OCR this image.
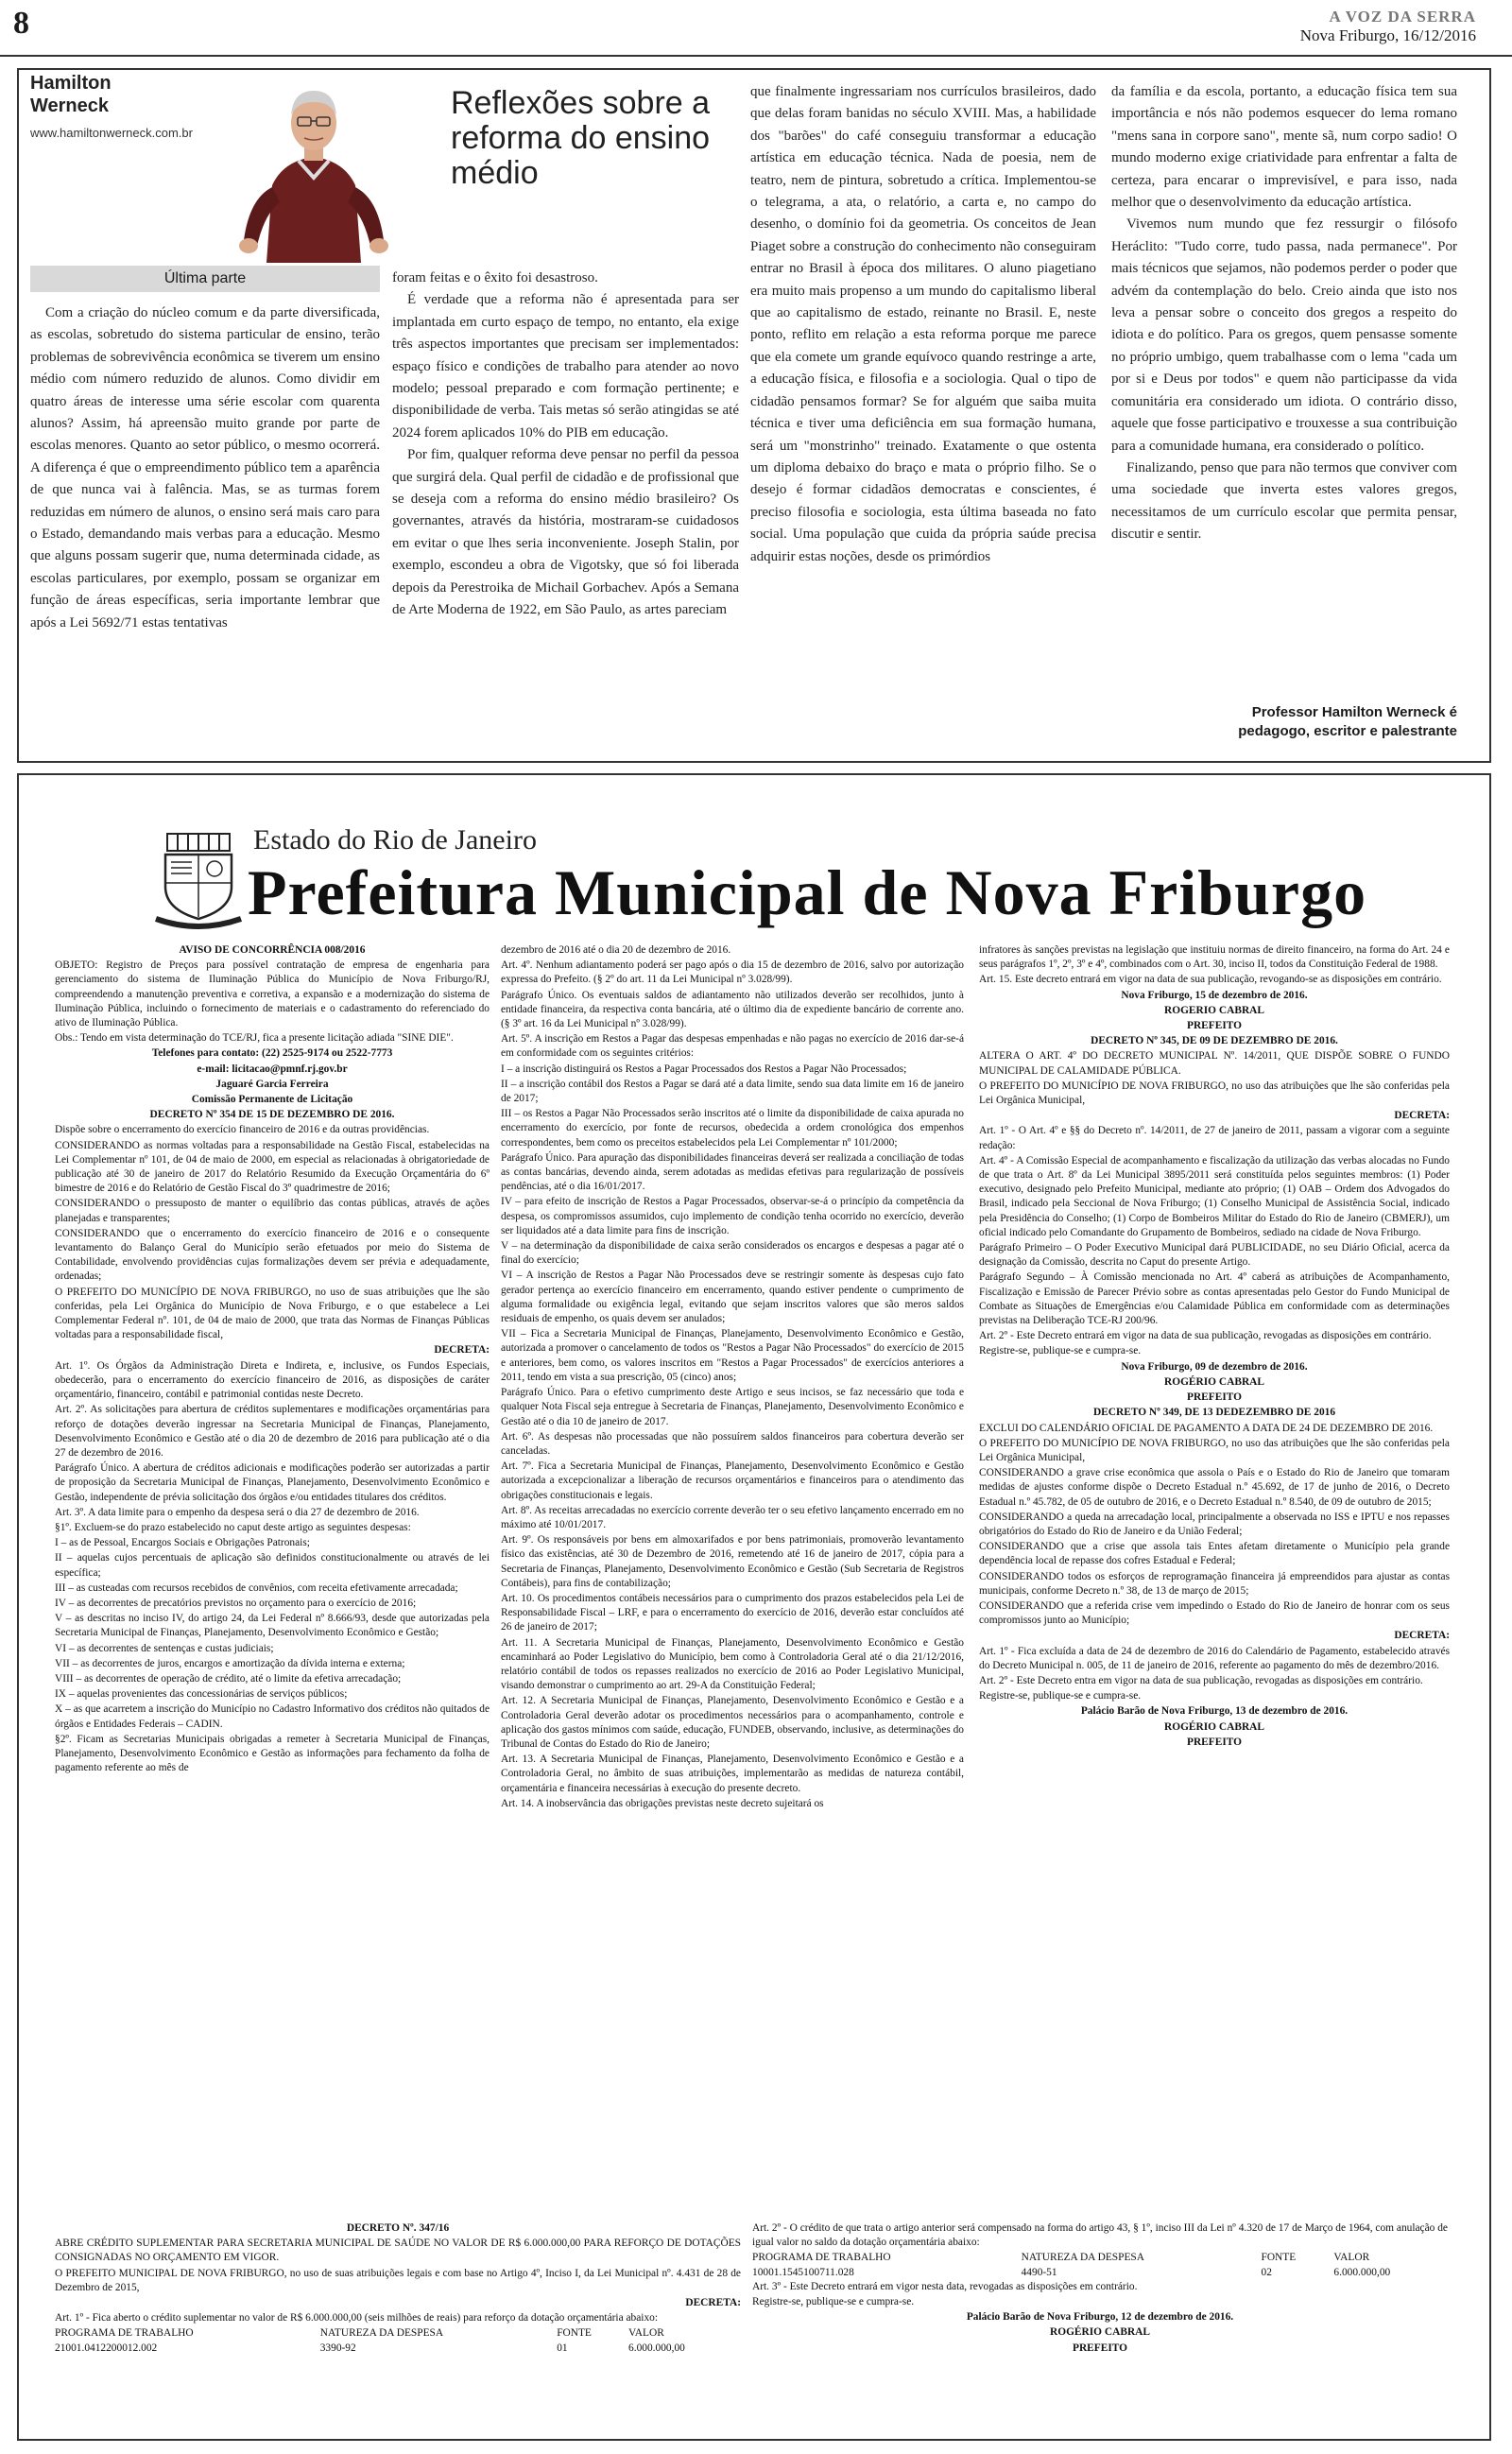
8	A VOZ DA SERRA
Nova Friburgo, 16/12/2016
Hamilton Werneck
www.hamiltonwerneck.com.br
Reflexões sobre a reforma do ensino médio
Última parte

Com a criação do núcleo comum e da parte diversificada, as escolas, sobretudo do sistema particular de ensino, terão problemas de sobrevivência econômica se tiverem um ensino médio com número reduzido de alunos. Como dividir em quatro áreas de interesse uma série escolar com quarenta alunos? Assim, há apreensão muito grande por parte de escolas menores. Quanto ao setor público, o mesmo ocorrerá. A diferença é que o empreendimento público tem a aparência de que nunca vai à falência. Mas, se as turmas forem reduzidas em número de alunos, o ensino será mais caro para o Estado, demandando mais verbas para a educação. Mesmo que alguns possam sugerir que, numa determinada cidade, as escolas particulares, por exemplo, possam se organizar em função de áreas específicas, seria importante lembrar que após a Lei 5692/71 estas tentativas

foram feitas e o êxito foi desastroso.

É verdade que a reforma não é apresentada para ser implantada em curto espaço de tempo, no entanto, ela exige três aspectos importantes que precisam ser implementados: espaço físico e condições de trabalho para atender ao novo modelo; pessoal preparado e com formação pertinente; e disponibilidade de verba. Tais metas só serão atingidas se até 2024 forem aplicados 10% do PIB em educação.

Por fim, qualquer reforma deve pensar no perfil da pessoa que surgirá dela. Qual perfil de cidadão e de profissional que se deseja com a reforma do ensino médio brasileiro? Os governantes, através da história, mostraram-se cuidadosos em evitar o que lhes seria inconveniente. Joseph Stalin, por exemplo, escondeu a obra de Vigotsky, que só foi liberada depois da Perestroika de Michail Gorbachev. Após a Semana de Arte Moderna de 1922, em São Paulo, as artes pareciam

que finalmente ingressariam nos currículos brasileiros, dado que delas foram banidas no século XVIII. Mas, a habilidade dos "barões" do café conseguiu transformar a educação artística em educação técnica. Nada de poesia, nem de teatro, nem de pintura, sobretudo a crítica. Implementou-se o telegrama, a ata, o relatório, a carta e, no campo do desenho, o domínio foi da geometria. Os conceitos de Jean Piaget sobre a construção do conhecimento não conseguiram entrar no Brasil à época dos militares. O aluno piagetiano era muito mais propenso a um mundo do capitalismo liberal que ao capitalismo de estado, reinante no Brasil. E, neste ponto, reflito em relação a esta reforma porque me parece que ela comete um grande equívoco quando restringe a arte, a educação física, e filosofia e a sociologia. Qual o tipo de cidadão pensamos formar? Se for alguém que saiba muita técnica e tiver uma deficiência em sua formação humana, será um "monstrinho" treinado. Exatamente o que ostenta um diploma debaixo do braço e mata o próprio filho. Se o desejo é formar cidadãos democratas e conscientes, é preciso filosofia e sociologia, esta última baseada no fato social. Uma população que cuida da própria saúde precisa adquirir estas noções, desde os primórdios

da família e da escola, portanto, a educação física tem sua importância e nós não podemos esquecer do lema romano "mens sana in corpore sano", mente sã, num corpo sadio! O mundo moderno exige criatividade para enfrentar a falta de certeza, para encarar o imprevisível, e para isso, nada melhor que o desenvolvimento da educação artística.

Vivemos num mundo que fez ressurgir o filósofo Heráclito: "Tudo corre, tudo passa, nada permanece". Por mais técnicos que sejamos, não podemos perder o poder que advém da contemplação do belo. Creio ainda que isto nos leva a pensar sobre o conceito dos gregos a respeito do idiota e do político. Para os gregos, quem pensasse somente no próprio umbigo, quem trabalhasse com o lema "cada um por si e Deus por todos" e quem não participasse da vida comunitária era considerado um idiota. O contrário disso, aquele que fosse participativo e trouxesse a sua contribuição para a comunidade humana, era considerado o político.

Finalizando, penso que para não termos que conviver com uma sociedade que inverta estes valores gregos, necessitamos de um currículo escolar que permita pensar, discutir e sentir.

Professor Hamilton Werneck é pedagogo, escritor e palestrante
Estado do Rio de Janeiro
Prefeitura Municipal de Nova Friburgo

AVISO DE CONCORRÊNCIA 008/2016

OBJETO: Registro de Preços para possível contratação de empresa de engenharia para gerenciamento do sistema de Iluminação Pública do Município de Nova Friburgo/RJ, compreendendo a manutenção preventiva e corretiva, a expansão e a modernização do sistema de Iluminação Pública, incluindo o fornecimento de materiais e o cadastramento do referenciado do ativo de Iluminação Pública.

Obs.: Tendo em vista determinação do TCE/RJ, fica a presente licitação adiada "SINE DIE".

Telefones para contato: (22) 2525-9174 ou 2522-7773

e-mail: licitacao@pmnf.rj.gov.br

Jaguaré Garcia Ferreira

Comissão Permanente de Licitação

DECRETO Nº 354 DE 15 DE DEZEMBRO DE 2016.

Dispõe sobre o encerramento do exercício financeiro de 2016 e da outras providências.

CONSIDERANDO as normas voltadas para a responsabilidade na Gestão Fiscal, estabelecidas na Lei Complementar nº 101, de 04 de maio de 2000, em especial as relacionadas à obrigatoriedade de publicação até 30 de janeiro de 2017 do Relatório Resumido da Execução Orçamentária do 6º bimestre de 2016 e do Relatório de Gestão Fiscal do 3º quadrimestre de 2016;

CONSIDERANDO o pressuposto de manter o equilíbrio das contas públicas, através de ações planejadas e transparentes;

CONSIDERANDO que o encerramento do exercício financeiro de 2016 e o consequente levantamento do Balanço Geral do Município serão efetuados por meio do Sistema de Contabilidade, envolvendo providências cujas formalizações devem ser prévia e adequadamente, ordenadas;

O PREFEITO DO MUNICÍPIO DE NOVA FRIBURGO, no uso de suas atribuições que lhe são conferidas, pela Lei Orgânica do Município de Nova Friburgo, e o que estabelece a Lei Complementar Federal nº. 101, de 04 de maio de 2000, que trata das Normas de Finanças Públicas voltadas para a responsabilidade fiscal,

DECRETA:

Art. 1º. Os Órgãos da Administração Direta e Indireta, e, inclusive, os Fundos Especiais, obedecerão, para o encerramento do exercício financeiro de 2016, as disposições de caráter orçamentário, financeiro, contábil e patrimonial contidas neste Decreto.

Art. 2º. As solicitações para abertura de créditos suplementares e modificações orçamentárias para reforço de dotações deverão ingressar na Secretaria Municipal de Finanças, Planejamento, Desenvolvimento Econômico e Gestão até o dia 20 de dezembro de 2016 para publicação até o dia 27 de dezembro de 2016.

Parágrafo Único. A abertura de créditos adicionais e modificações poderão ser autorizadas a partir de proposição da Secretaria Municipal de Finanças, Planejamento, Desenvolvimento Econômico e Gestão, independente de prévia solicitação dos órgãos e/ou entidades titulares dos créditos.

Art. 3º. A data limite para o empenho da despesa será o dia 27 de dezembro de 2016.

§1º. Excluem-se do prazo estabelecido no caput deste artigo as seguintes despesas:

I – as de Pessoal, Encargos Sociais e Obrigações Patronais;

II – aquelas cujos percentuais de aplicação são definidos constitucionalmente ou através de lei específica;

III – as custeadas com recursos recebidos de convênios, com receita efetivamente arrecadada;

IV – as decorrentes de precatórios previstos no orçamento para o exercício de 2016;

V – as descritas no inciso IV, do artigo 24, da Lei Federal nº 8.666/93, desde que autorizadas pela Secretaria Municipal de Finanças, Planejamento, Desenvolvimento Econômico e Gestão;

VI – as decorrentes de sentenças e custas judiciais;

VII – as decorrentes de juros, encargos e amortização da dívida interna e externa;

VIII – as decorrentes de operação de crédito, até o limite da efetiva arrecadação;

IX – aquelas provenientes das concessionárias de serviços públicos;

X – as que acarretem a inscrição do Município no Cadastro Informativo dos créditos não quitados de órgãos e Entidades Federais – CADIN.

§2º. Ficam as Secretarias Municipais obrigadas a remeter à Secretaria Municipal de Finanças, Planejamento, Desenvolvimento Econômico e Gestão as informações para fechamento da folha de pagamento referente ao mês de

dezembro de 2016 até o dia 20 de dezembro de 2016.

Art. 4º. Nenhum adiantamento poderá ser pago após o dia 15 de dezembro de 2016, salvo por autorização expressa do Prefeito. (§ 2º do art. 11 da Lei Municipal nº 3.028/99).

Parágrafo Único. Os eventuais saldos de adiantamento não utilizados deverão ser recolhidos, junto à entidade financeira, da respectiva conta bancária, até o último dia de expediente bancário de corrente ano. (§ 3º art. 16 da Lei Municipal nº 3.028/99).

Art. 5º. A inscrição em Restos a Pagar das despesas empenhadas e não pagas no exercício de 2016 dar-se-á em conformidade com os seguintes critérios:

I – a inscrição distinguirá os Restos a Pagar Processados dos Restos a Pagar Não Processados;

II – a inscrição contábil dos Restos a Pagar se dará até a data limite, sendo sua data limite em 16 de janeiro de 2017;

III – os Restos a Pagar Não Processados serão inscritos até o limite da disponibilidade de caixa apurada no encerramento do exercício, por fonte de recursos, obedecida a ordem cronológica dos empenhos correspondentes, bem como os preceitos estabelecidos pela Lei Complementar nº 101/2000;

Parágrafo Único. Para apuração das disponibilidades financeiras deverá ser realizada a conciliação de todas as contas bancárias, devendo ainda, serem adotadas as medidas efetivas para regularização de possíveis pendências, até o dia 16/01/2017.

IV – para efeito de inscrição de Restos a Pagar Processados, observar-se-á o princípio da competência da despesa, os compromissos assumidos, cujo implemento de condição tenha ocorrido no exercício, deverão ser liquidados até a data limite para fins de inscrição.

V – na determinação da disponibilidade de caixa serão considerados os encargos e despesas a pagar até o final do exercício;

VI – A inscrição de Restos a Pagar Não Processados deve se restringir somente às despesas cujo fato gerador pertença ao exercício financeiro em encerramento, quando estiver pendente o cumprimento de alguma formalidade ou exigência legal, evitando que sejam inscritos valores que são meros saldos residuais de empenho, os quais devem ser anulados;

VII – Fica a Secretaria Municipal de Finanças, Planejamento, Desenvolvimento Econômico e Gestão, autorizada a promover o cancelamento de todos os "Restos a Pagar Não Processados" do exercício de 2015 e anteriores, bem como, os valores inscritos em "Restos a Pagar Processados" de exercícios anteriores a 2011, tendo em vista a sua prescrição, 05 (cinco) anos;

Parágrafo Único. Para o efetivo cumprimento deste Artigo e seus incisos, se faz necessário que toda e qualquer Nota Fiscal seja entregue à Secretaria de Finanças, Planejamento, Desenvolvimento Econômico e Gestão até o dia 10 de janeiro de 2017.

Art. 6º. As despesas não processadas que não possuírem saldos financeiros para cobertura deverão ser canceladas.

Art. 7º. Fica a Secretaria Municipal de Finanças, Planejamento, Desenvolvimento Econômico e Gestão autorizada a excepcionalizar a liberação de recursos orçamentários e financeiros para o atendimento das obrigações constitucionais e legais.

Art. 8º. As receitas arrecadadas no exercício corrente deverão ter o seu efetivo lançamento encerrado em no máximo até 10/01/2017.

Art. 9º. Os responsáveis por bens em almoxarifados e por bens patrimoniais, promoverão levantamento físico das existências, até 30 de Dezembro de 2016, remetendo até 16 de janeiro de 2017, cópia para a Secretaria de Finanças, Planejamento, Desenvolvimento Econômico e Gestão (Sub Secretaria de Registros Contábeis), para fins de contabilização;

Art. 10. Os procedimentos contábeis necessários para o cumprimento dos prazos estabelecidos pela Lei de Responsabilidade Fiscal – LRF, e para o encerramento do exercício de 2016, deverão estar concluídos até 26 de janeiro de 2017;

Art. 11. A Secretaria Municipal de Finanças, Planejamento, Desenvolvimento Econômico e Gestão encaminhará ao Poder Legislativo do Município, bem como à Controladoria Geral até o dia 21/12/2016, relatório contábil de todos os repasses realizados no exercício de 2016 ao Poder Legislativo Municipal, visando demonstrar o cumprimento ao art. 29-A da Constituição Federal;

Art. 12. A Secretaria Municipal de Finanças, Planejamento, Desenvolvimento Econômico e Gestão e a Controladoria Geral deverão adotar os procedimentos necessários para o acompanhamento, controle e aplicação dos gastos mínimos com saúde, educação, FUNDEB, observando, inclusive, as determinações do Tribunal de Contas do Estado do Rio de Janeiro;

Art. 13. A Secretaria Municipal de Finanças, Planejamento, Desenvolvimento Econômico e Gestão e a Controladoria Geral, no âmbito de suas atribuições, implementarão as medidas de natureza contábil, orçamentária e financeira necessárias à execução do presente decreto.

Art. 14. A inobservância das obrigações previstas neste decreto sujeitará os

infratores às sanções previstas na legislação que instituiu normas de direito financeiro, na forma do Art. 24 e seus parágrafos 1º, 2º, 3º e 4º, combinados com o Art. 30, inciso II, todos da Constituição Federal de 1988.

Art. 15. Este decreto entrará em vigor na data de sua publicação, revogando-se as disposições em contrário.

Nova Friburgo, 15 de dezembro de 2016.

ROGERIO CABRAL

PREFEITO

DECRETO Nº 345, DE 09 DE DEZEMBRO DE 2016.

ALTERA O ART. 4º DO DECRETO MUNICIPAL Nº. 14/2011, QUE DISPÕE SOBRE O FUNDO MUNICIPAL DE CALAMIDADE PÚBLICA.

O PREFEITO DO MUNICÍPIO DE NOVA FRIBURGO, no uso das atribuições que lhe são conferidas pela Lei Orgânica Municipal,

DECRETA:

Art. 1º - O Art. 4º e §§ do Decreto nº. 14/2011, de 27 de janeiro de 2011, passam a vigorar com a seguinte redação:

Art. 4º - A Comissão Especial de acompanhamento e fiscalização da utilização das verbas alocadas no Fundo de que trata o Art. 8º da Lei Municipal 3895/2011 será constituída pelos seguintes membros: (1) Poder executivo, designado pelo Prefeito Municipal, mediante ato próprio; (1) OAB – Ordem dos Advogados do Brasil, indicado pela Seccional de Nova Friburgo; (1) Conselho Municipal de Assistência Social, indicado pela Presidência do Conselho; (1) Corpo de Bombeiros Militar do Estado do Rio de Janeiro (CBMERJ), um oficial indicado pelo Comandante do Grupamento de Bombeiros, sediado na cidade de Nova Friburgo.

Parágrafo Primeiro – O Poder Executivo Municipal dará PUBLICIDADE, no seu Diário Oficial, acerca da designação da Comissão, descrita no Caput do presente Artigo.

Parágrafo Segundo – À Comissão mencionada no Art. 4º caberá as atribuições de Acompanhamento, Fiscalização e Emissão de Parecer Prévio sobre as contas apresentadas pelo Gestor do Fundo Municipal de Combate as Situações de Emergências e/ou Calamidade Pública em conformidade com as determinações previstas na Deliberação TCE-RJ 200/96.

Art. 2º - Este Decreto entrará em vigor na data de sua publicação, revogadas as disposições em contrário.

Registre-se, publique-se e cumpra-se.

Nova Friburgo, 09 de dezembro de 2016.

ROGÉRIO CABRAL

PREFEITO

DECRETO Nº 349, DE 13 DEDEZEMBRO DE 2016

EXCLUI DO CALENDÁRIO OFICIAL DE PAGAMENTO A DATA DE 24 DE DEZEMBRO DE 2016.

O PREFEITO DO MUNICÍPIO DE NOVA FRIBURGO, no uso das atribuições que lhe são conferidas pela Lei Orgânica Municipal,

CONSIDERANDO a grave crise econômica que assola o País e o Estado do Rio de Janeiro que tomaram medidas de ajustes conforme dispõe o Decreto Estadual n.º 45.692, de 17 de junho de 2016, o Decreto Estadual n.º 45.782, de 05 de outubro de 2016, e o Decreto Estadual n.º 8.540, de 09 de outubro de 2015;

CONSIDERANDO a queda na arrecadação local, principalmente a observada no ISS e IPTU e nos repasses obrigatórios do Estado do Rio de Janeiro e da União Federal;

CONSIDERANDO que a crise que assola tais Entes afetam diretamente o Município pela grande dependência local de repasse dos cofres Estadual e Federal;

CONSIDERANDO todos os esforços de reprogramação financeira já empreendidos para ajustar as contas municipais, conforme Decreto n.º 38, de 13 de março de 2015;

CONSIDERANDO que a referida crise vem impedindo o Estado do Rio de Janeiro de honrar com os seus compromissos junto ao Município;

DECRETA:

Art. 1º - Fica excluída a data de 24 de dezembro de 2016 do Calendário de Pagamento, estabelecido através do Decreto Municipal n. 005, de 11 de janeiro de 2016, referente ao pagamento do mês de dezembro/2016.

Art. 2º - Este Decreto entra em vigor na data de sua publicação, revogadas as disposições em contrário.

Registre-se, publique-se e cumpra-se.

Palácio Barão de Nova Friburgo, 13 de dezembro de 2016.

ROGÉRIO CABRAL

PREFEITO

DECRETO Nº. 347/16

ABRE CRÉDITO SUPLEMENTAR PARA SECRETARIA MUNICIPAL DE SAÚDE NO VALOR DE R$ 6.000.000,00 PARA REFORÇO DE DOTAÇÕES CONSIGNADAS NO ORÇAMENTO EM VIGOR.

O PREFEITO MUNICIPAL DE NOVA FRIBURGO, no uso de suas atribuições legais e com base no Artigo 4º, Inciso I, da Lei Municipal nº. 4.431 de 28 de Dezembro de 2015,

DECRETA:

Art. 1º - Fica aberto o crédito suplementar no valor de R$ 6.000.000,00 (seis milhões de reais) para reforço da dotação orçamentária abaixo:

PROGRAMA DE TRABALHO	NATUREZA DA DESPESA	FONTE	VALOR
21001.0412200012.002	3390-92	01	6.000.000,00

Art. 2º - O crédito de que trata o artigo anterior será compensado na forma do artigo 43, § 1º, inciso III da Lei nº 4.320 de 17 de Março de 1964, com anulação de igual valor no saldo da dotação orçamentária abaixo:

PROGRAMA DE TRABALHO	NATUREZA DA DESPESA	FONTE	VALOR
10001.1545100711.028	4490-51	02	6.000.000,00

Art. 3º - Este Decreto entrará em vigor nesta data, revogadas as disposições em contrário.

Registre-se, publique-se e cumpra-se.

Palácio Barão de Nova Friburgo, 12 de dezembro de 2016.

ROGÉRIO CABRAL

PREFEITO
